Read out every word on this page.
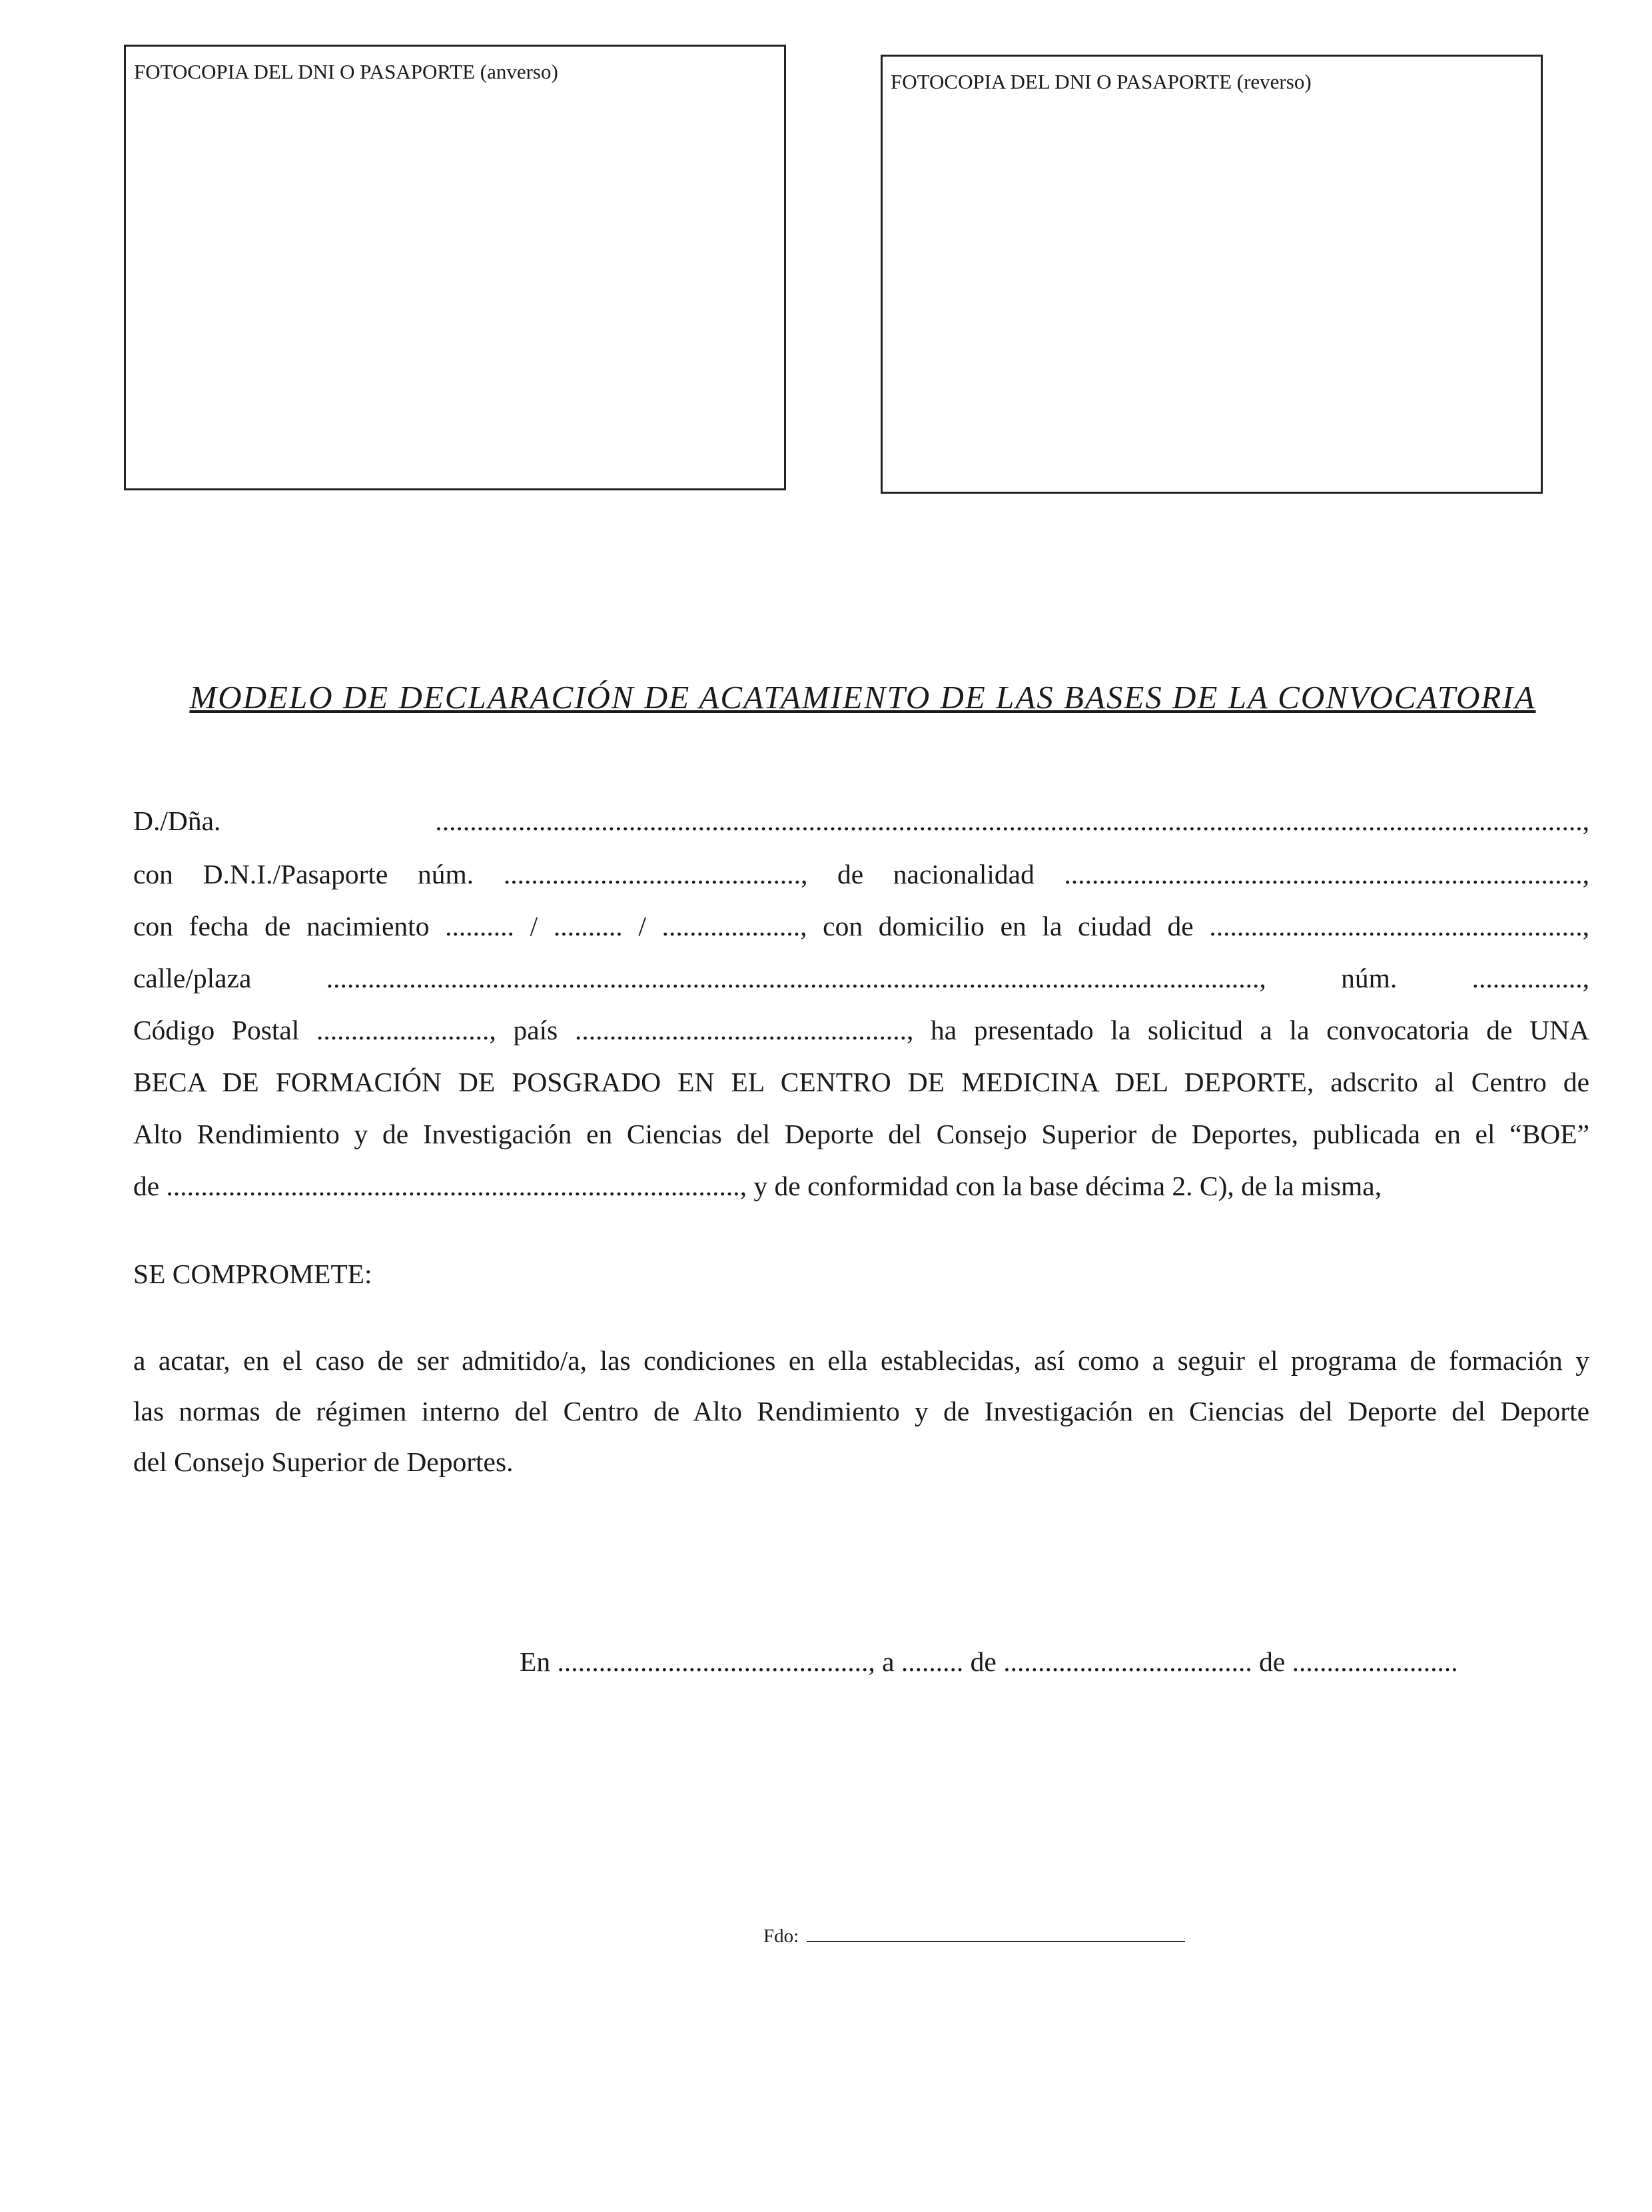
FOTOCOPIA DEL DNI O PASAPORTE (anverso)	FOTOCOPIA DEL DNI O PASAPORTE (reverso)
MODELO DE DECLARACIÓN DE ACATAMIENTO DE LAS BASES DE LA CONVOCATORIA
D./Dña. ......................................................................................................................................................................,
con D.N.I./Pasaporte núm. ..........................................., de nacionalidad ...........................................................................,
con fecha de nacimiento .......... / .......... / ...................., con domicilio en la ciudad de ......................................................,
calle/plaza ......................................................................................................................................., núm. ................,
Código Postal ........................., país ................................................, ha presentado la solicitud a la convocatoria de UNA
BECA DE FORMACIÓN DE POSGRADO EN EL CENTRO DE MEDICINA DEL DEPORTE, adscrito al Centro de
Alto Rendimiento y de Investigación en Ciencias del Deporte del Consejo Superior de Deportes, publicada en el “BOE”
de ..................................................................................., y de conformidad con la base décima 2. C), de la misma,
SE COMPROMETE:
a acatar, en el caso de ser admitido/a, las condiciones en ella establecidas, así como a seguir el programa de formación y
las normas de régimen interno del Centro de Alto Rendimiento y de Investigación en Ciencias del Deporte del Deporte
del Consejo Superior de Deportes.
En ............................................., a ......... de .................................... de ........................
Fdo:
